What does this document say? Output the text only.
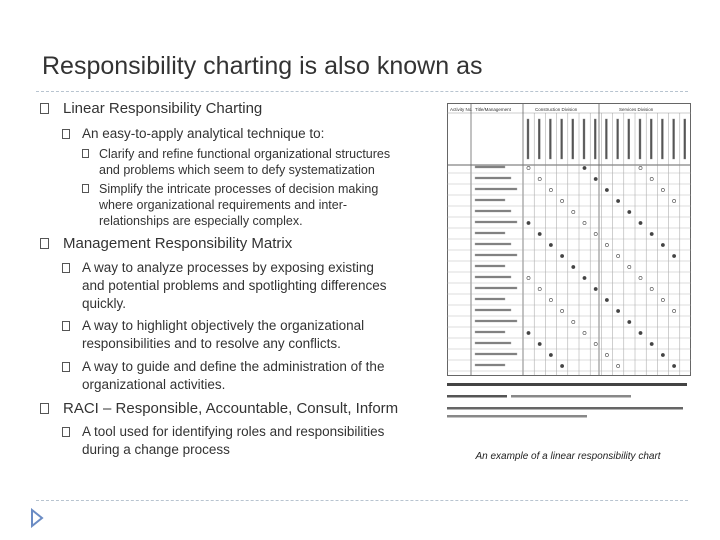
Responsibility charting is also known as
Linear Responsibility Charting
An easy-to-apply analytical technique to:
Clarify and refine functional organizational structures
and problems which seem to defy systematization
Simplify the intricate processes of decision making
where organizational requirements and inter-
relationships are especially complex.
Management Responsibility Matrix
A way to analyze processes by exposing existing
and potential problems and spotlighting differences
quickly.
A way to highlight objectively the organizational
responsibilities and to resolve any conflicts.
A way to guide and define the administration of the
organizational activities.
RACI – Responsible, Accountable, Consult, Inform
A tool used for identifying roles and responsibilities
during a change process
Activity No. Title/Management	Construction Division	Services Division
An example of a linear responsibility chart
